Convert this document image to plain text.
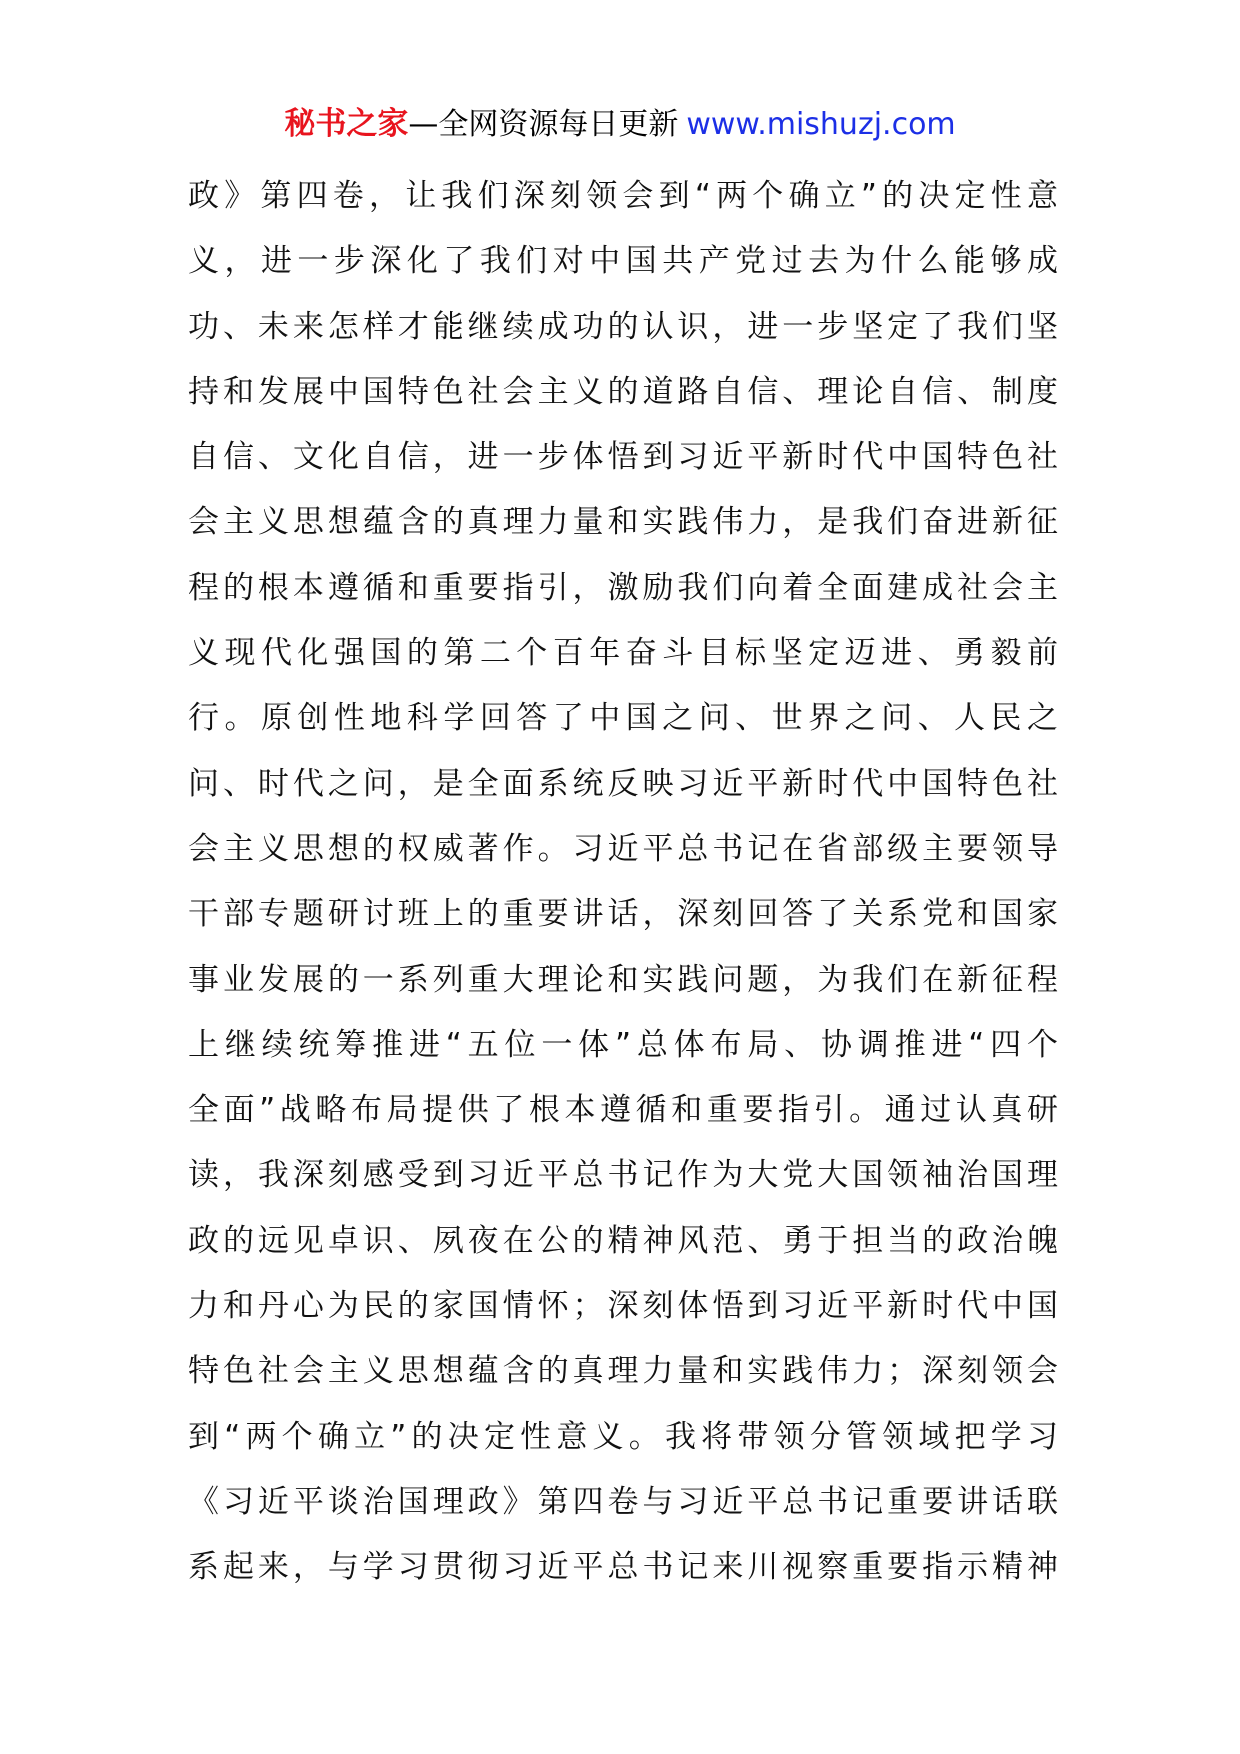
秘书之家—全网资源每日更新 www.mishuzj.com
政》第四卷，让我们深刻领会到“两个确立”的决定性意
义，进一步深化了我们对中国共产党过去为什么能够成
功、未来怎样才能继续成功的认识，进一步坚定了我们坚
持和发展中国特色社会主义的道路自信、理论自信、制度
自信、文化自信，进一步体悟到习近平新时代中国特色社
会主义思想蕴含的真理力量和实践伟力，是我们奋进新征
程的根本遵循和重要指引，激励我们向着全面建成社会主
义现代化强国的第二个百年奋斗目标坚定迈进、勇毅前
行。原创性地科学回答了中国之问、世界之问、人民之
问、时代之问，是全面系统反映习近平新时代中国特色社
会主义思想的权威著作。习近平总书记在省部级主要领导
干部专题研讨班上的重要讲话，深刻回答了关系党和国家
事业发展的一系列重大理论和实践问题，为我们在新征程
上继续统筹推进“五位一体”总体布局、协调推进“四个
全面”战略布局提供了根本遵循和重要指引。通过认真研
读，我深刻感受到习近平总书记作为大党大国领袖治国理
政的远见卓识、夙夜在公的精神风范、勇于担当的政治魄
力和丹心为民的家国情怀；深刻体悟到习近平新时代中国
特色社会主义思想蕴含的真理力量和实践伟力；深刻领会
到“两个确立”的决定性意义。我将带领分管领域把学习
《习近平谈治国理政》第四卷与习近平总书记重要讲话联
系起来，与学习贯彻习近平总书记来川视察重要指示精神
